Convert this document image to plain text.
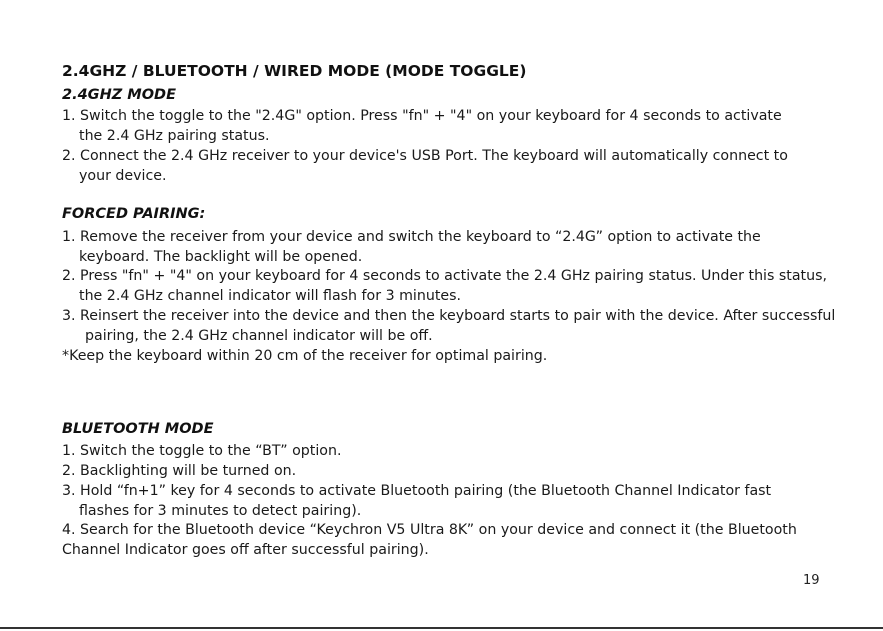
2.4GHZ / BLUETOOTH / WIRED MODE (MODE TOGGLE)
2.4GHZ MODE
1. Switch the toggle to the "2.4G" option. Press "fn" + "4" on your keyboard for 4 seconds to activate
the 2.4 GHz pairing status.
2. Connect the 2.4 GHz receiver to your device's USB Port. The keyboard will automatically connect to
your device.
FORCED PAIRING:
1. Remove the receiver from your device and switch the keyboard to “2.4G” option to activate the
keyboard. The backlight will be opened.
2. Press "fn" + "4" on your keyboard for 4 seconds to activate the 2.4 GHz pairing status. Under this status,
the 2.4 GHz channel indicator will flash for 3 minutes.
3. Reinsert the receiver into the device and then the keyboard starts to pair with the device. After successful
pairing, the 2.4 GHz channel indicator will be off.
*Keep the keyboard within 20 cm of the receiver for optimal pairing.
BLUETOOTH MODE
1. Switch the toggle to the “BT” option.
2. Backlighting will be turned on.
3. Hold “fn+1” key for 4 seconds to activate Bluetooth pairing (the Bluetooth Channel Indicator fast
flashes for 3 minutes to detect pairing).
4. Search for the Bluetooth device “Keychron V5 Ultra 8K” on your device and connect it (the Bluetooth
Channel Indicator goes off after successful pairing).
19
